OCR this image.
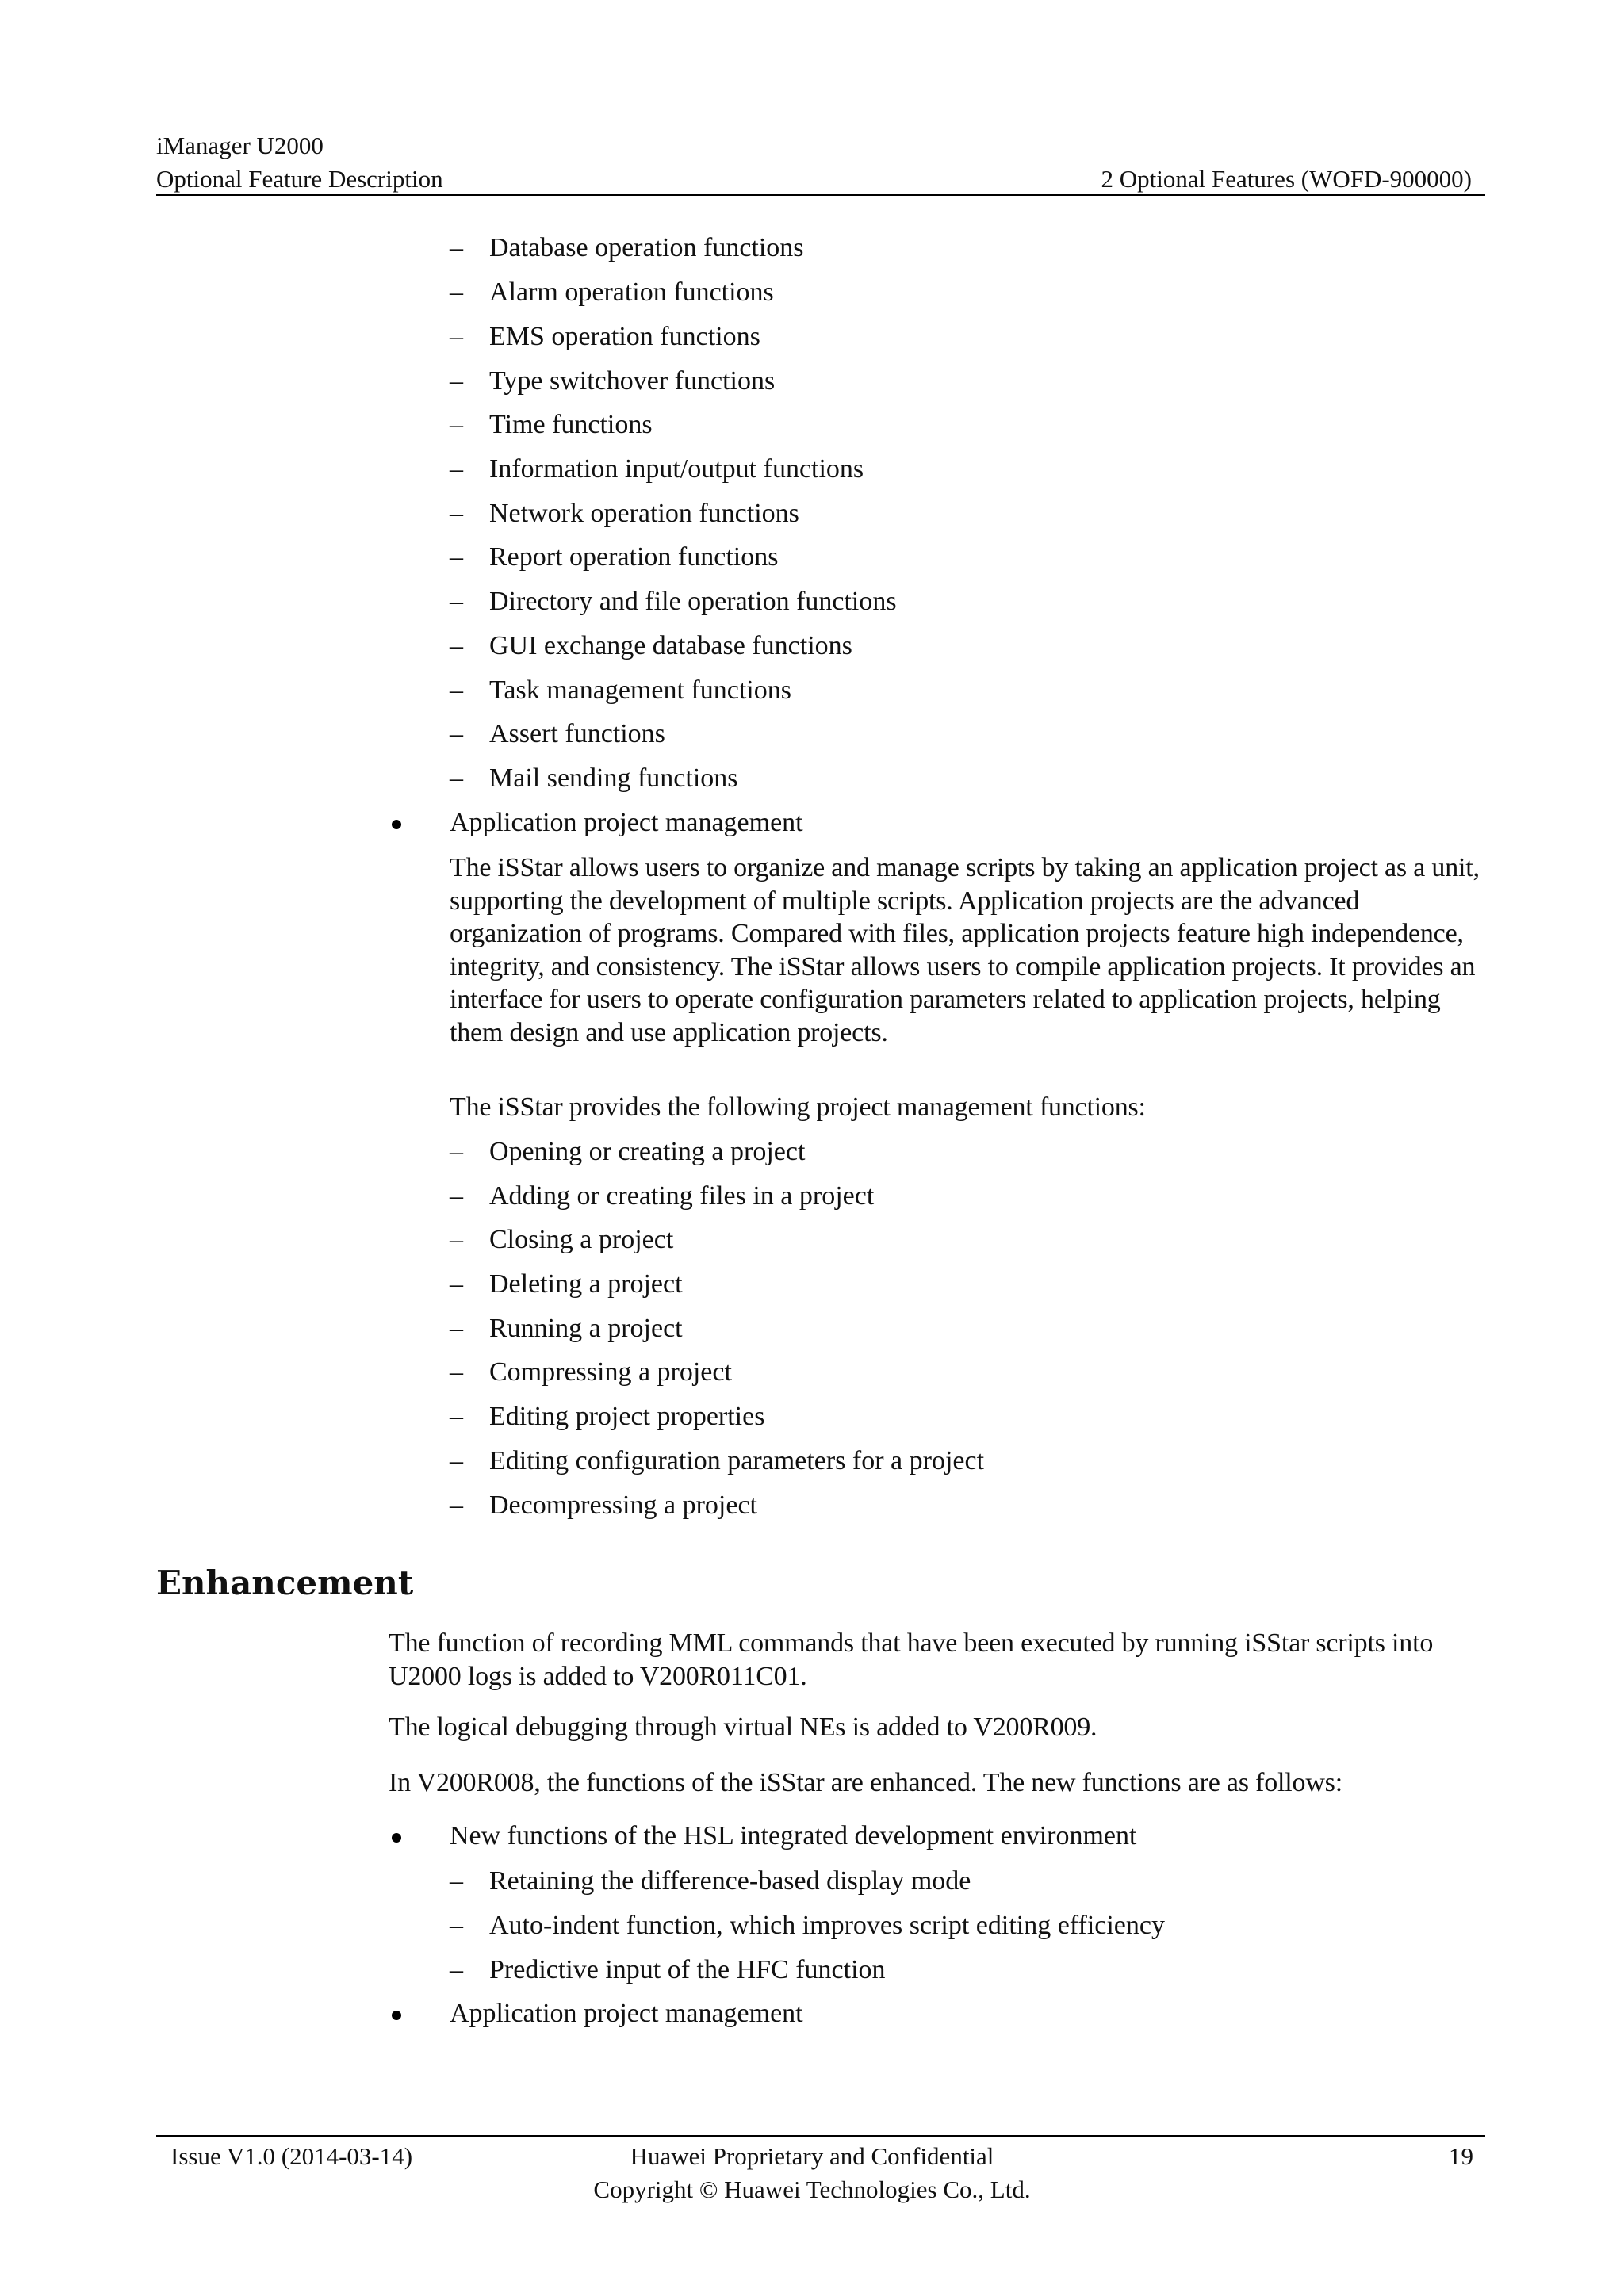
iManager U2000
Optional Feature Description	2 Optional Features (WOFD-900000)
– Database operation functions
– Alarm operation functions
– EMS operation functions
– Type switchover functions
– Time functions
– Information input/output functions
– Network operation functions
– Report operation functions
– Directory and file operation functions
– GUI exchange database functions
– Task management functions
– Assert functions
– Mail sending functions
Application project management
The iSStar allows users to organize and manage scripts by taking an application project as a unit, supporting the development of multiple scripts. Application projects are the advanced organization of programs. Compared with files, application projects feature high independence, integrity, and consistency. The iSStar allows users to compile application projects. It provides an interface for users to operate configuration parameters related to application projects, helping them design and use application projects.
The iSStar provides the following project management functions:
– Opening or creating a project
– Adding or creating files in a project
– Closing a project
– Deleting a project
– Running a project
– Compressing a project
– Editing project properties
– Editing configuration parameters for a project
– Decompressing a project
Enhancement
The function of recording MML commands that have been executed by running iSStar scripts into U2000 logs is added to V200R011C01.
The logical debugging through virtual NEs is added to V200R009.
In V200R008, the functions of the iSStar are enhanced. The new functions are as follows:
New functions of the HSL integrated development environment
– Retaining the difference-based display mode
– Auto-indent function, which improves script editing efficiency
– Predictive input of the HFC function
Application project management
Issue V1.0 (2014-03-14)	Huawei Proprietary and Confidential
Copyright © Huawei Technologies Co., Ltd.
19
